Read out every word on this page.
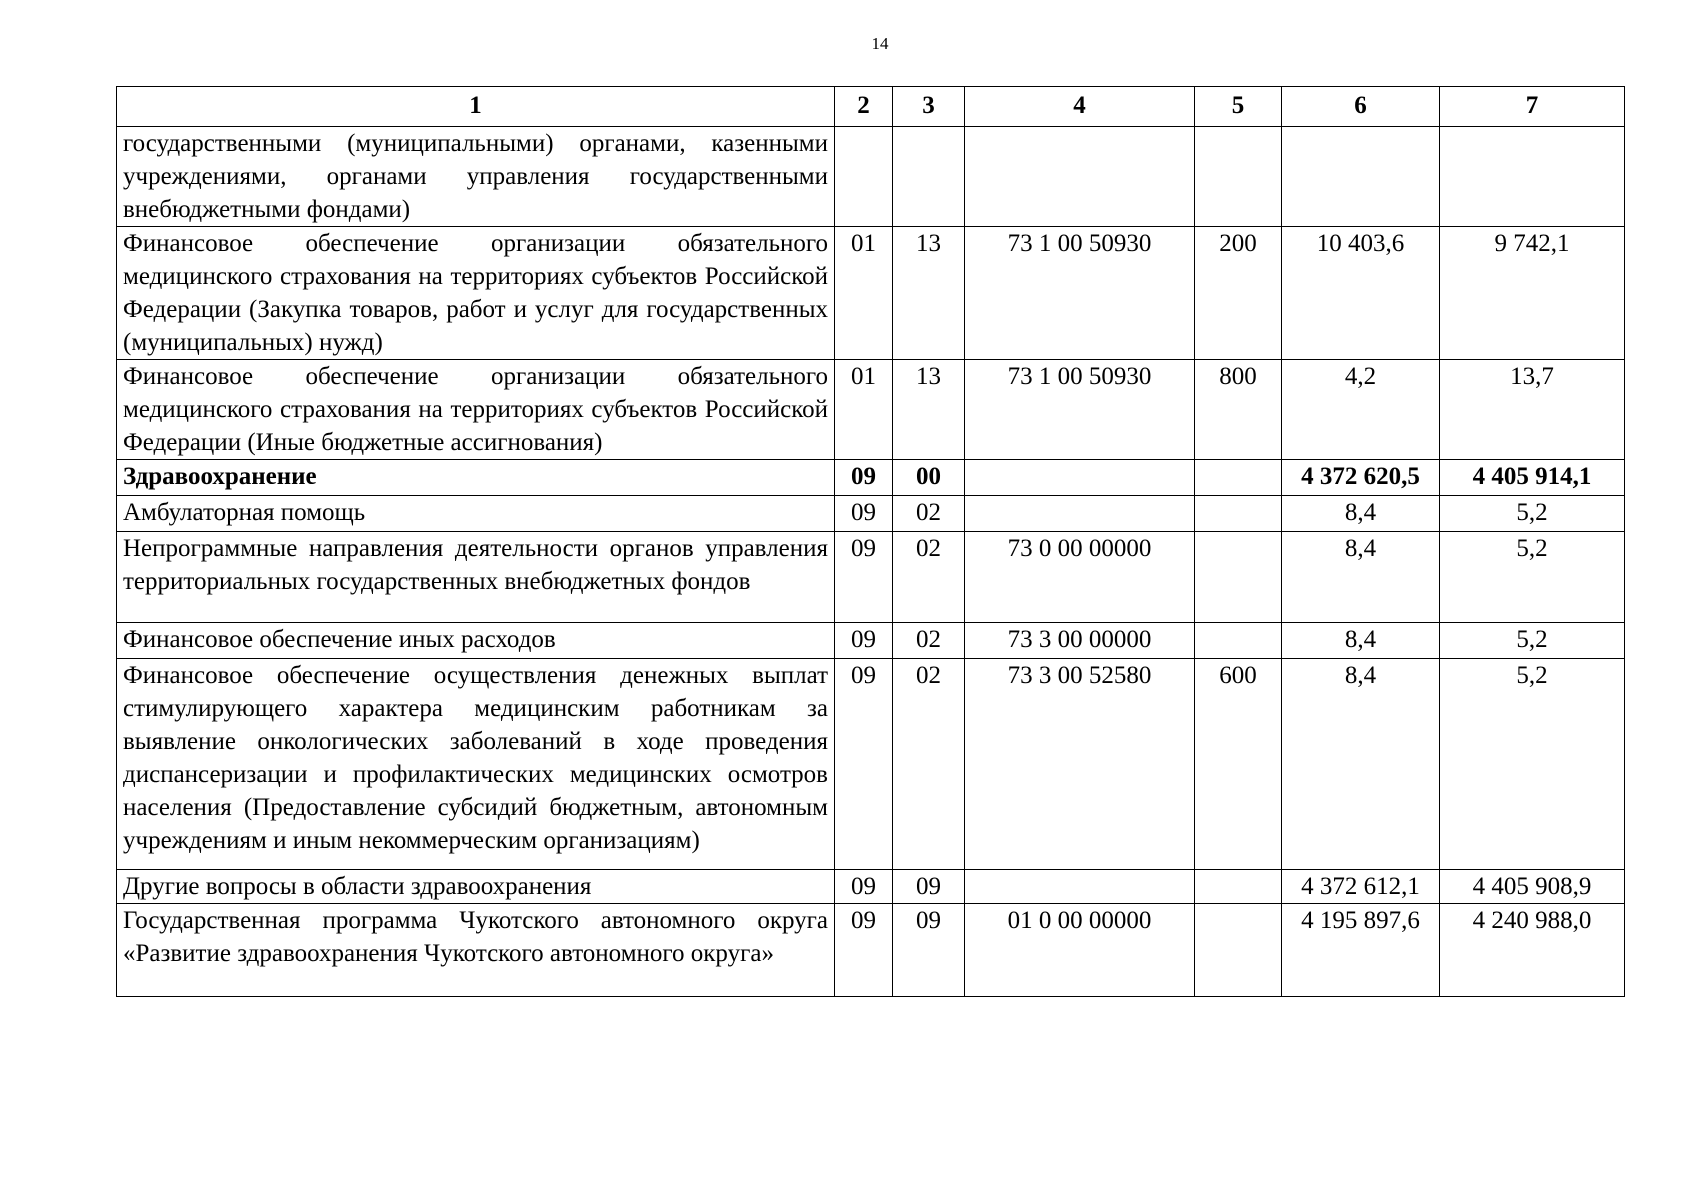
14
1	2	3	4	5	6	7
государственными (муниципальными) органами, казенными учреждениями, органами управления государственными внебюджетными фондами)						
Финансовое обеспечение организации обязательного медицинского страхования на территориях субъектов Российской Федерации (Закупка товаров, работ и услуг для государственных (муниципальных) нужд)	01	13	73 1 00 50930	200	10 403,6	9 742,1
Финансовое обеспечение организации обязательного медицинского страхования на территориях субъектов Российской Федерации (Иные бюджетные ассигнования)	01	13	73 1 00 50930	800	4,2	13,7
Здравоохранение	09	00			4 372 620,5	4 405 914,1
Амбулаторная помощь	09	02			8,4	5,2
Непрограммные направления деятельности органов управления территориальных государственных внебюджетных фондов	09	02	73 0 00 00000		8,4	5,2
Финансовое обеспечение иных расходов	09	02	73 3 00 00000		8,4	5,2
Финансовое обеспечение осуществления денежных выплат стимулирующего характера медицинским работникам за выявление онкологических заболеваний в ходе проведения диспансеризации и профилактических медицинских осмотров населения (Предоставление субсидий бюджетным, автономным учреждениям и иным некоммерческим организациям)	09	02	73 3 00 52580	600	8,4	5,2
Другие вопросы в области здравоохранения	09	09			4 372 612,1	4 405 908,9
Государственная программа Чукотского автономного округа «Развитие здравоохранения Чукотского автономного округа»	09	09	01 0 00 00000		4 195 897,6	4 240 988,0
